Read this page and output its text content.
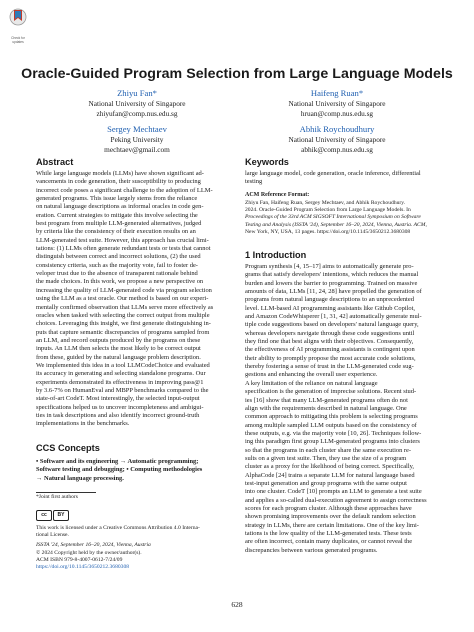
Check for updates
Oracle-Guided Program Selection from Large Language Models
Zhiyu Fan*
National University of Singapore
zhiyufan@comp.nus.edu.sg
Haifeng Ruan*
National University of Singapore
hruan@comp.nus.edu.sg
Sergey Mechtaev
Peking University
mechtaev@gmail.com
Abhik Roychoudhury
National University of Singapore
abhik@comp.nus.edu.sg
Abstract
While large language models (LLMs) have shown significant ad-
vancements in code generation, their susceptibility to producing
incorrect code poses a significant challenge to the adoption of LLM-
generated programs. This issue largely stems from the reliance
on natural language descriptions as informal oracles in code gen-
eration. Current strategies to mitigate this involve selecting the
best program from multiple LLM-generated alternatives, judged
by criteria like the consistency of their execution results on an
LLM-generated test suite. However, this approach has crucial limi-
tations: (1) LLMs often generate redundant tests or tests that cannot
distinguish between correct and incorrect solutions, (2) the used
consistency criteria, such as the majority vote, fail to foster de-
veloper trust due to the absence of transparent rationale behind
the made choices. In this work, we propose a new perspective on
increasing the quality of LLM-generated code via program selection
using the LLM as a test oracle. Our method is based on our experi-
mentally confirmed observation that LLMs serve more effectively as
oracles when tasked with selecting the correct output from multiple
choices. Leveraging this insight, we first generate distinguishing in-
puts that capture semantic discrepancies of programs sampled from
an LLM, and record outputs produced by the programs on these
inputs. An LLM then selects the most likely to be correct output
from these, guided by the natural language problem description.
We implemented this idea in a tool LLMCodeChoice and evaluated
its accuracy in generating and selecting standalone programs. Our
experiments demonstrated its effectiveness in improving pass@1
by 3.6-7% on HumanEval and MBPP benchmarks compared to the
state-of-art CodeT. Most interestingly, the selected input-output
specifications helped us to uncover incompleteness and ambigui-
ties in task descriptions and also identify incorrect ground-truth
implementations in the benchmarks.
CCS Concepts
• Software and its engineering → Automatic programming;
Software testing and debugging; • Computing methodologies
→ Natural language processing.
*Joint first authors
cc	BY
This work is licensed under a Creative Commons Attribution 4.0 Interna-
tional License.
ISSTA '24, September 16–20, 2024, Vienna, Austria
© 2024 Copyright held by the owner/author(s).
ACM ISBN 979-8-4007-0612-7/24/09
https://doi.org/10.1145/3650212.3680308
Keywords
large language model, code generation, oracle inference, differential
testing
ACM Reference Format:
Zhiyu Fan, Haifeng Ruan, Sergey Mechtaev, and Abhik Roychoudhury.
2024. Oracle-Guided Program Selection from Large Language Models. In
Proceedings of the 33rd ACM SIGSOFT International Symposium on Software
Testing and Analysis (ISSTA '24), September 16–20, 2024, Vienna, Austria. ACM,
New York, NY, USA, 13 pages. https://doi.org/10.1145/3650212.3680308
1 Introduction
Program synthesis [4, 15–17] aims to automatically generate pro-
grams that satisfy developers' intentions, which reduces the manual
burden and lowers the barrier to programming. Trained on massive
amounts of data, LLMs [11, 24, 28] have propelled the generation of
programs from natural language descriptions to an unprecedented
level. LLM-based AI programming assistants like Github Copilot,
and Amazon CodeWhisperer [1, 31, 42] automatically generate mul-
tiple code suggestions based on developers' natural language query,
whereas developers navigate through these code suggestions until
they find one that best aligns with their objectives. Consequently,
the effectiveness of AI programming assistants is contingent upon
their ability to promptly propose the most accurate code solutions,
thereby fostering a sense of trust in the LLM-generated code sug-
gestions and enhancing the overall user experience.
A key limitation of the reliance on natural language
specification is the generation of imprecise solutions. Recent stud-
ies [16] show that many LLM-generated programs often do not
align with the requirements described in natural language. One
common approach to mitigating this problem is selecting programs
among multiple sampled LLM outputs based on the consistency of
these outputs, e.g. via the majority vote [10, 26]. Techniques follow-
ing this paradigm first group LLM-generated programs into clusters
so that the programs in each cluster share the same execution re-
sults on a given test suite. Then, they use the size of a program
cluster as a proxy for the likelihood of being correct. Specifically,
AlphaCode [24] trains a separate LLM for natural language based
test-input generation and group programs with the same output
into one cluster. CodeT [10] prompts an LLM to generate a test suite
and applies a so-called dual-execution agreement to assign correctness
scores for each program cluster. Although these approaches have
shown promising improvements over the default random selection
strategy in LLMs, there are certain limitations. One of the key limi-
tations is the low quality of the LLM-generated tests. These tests
are often incorrect, contain many duplicates, or cannot reveal the
discrepancies between various generated programs.
628
